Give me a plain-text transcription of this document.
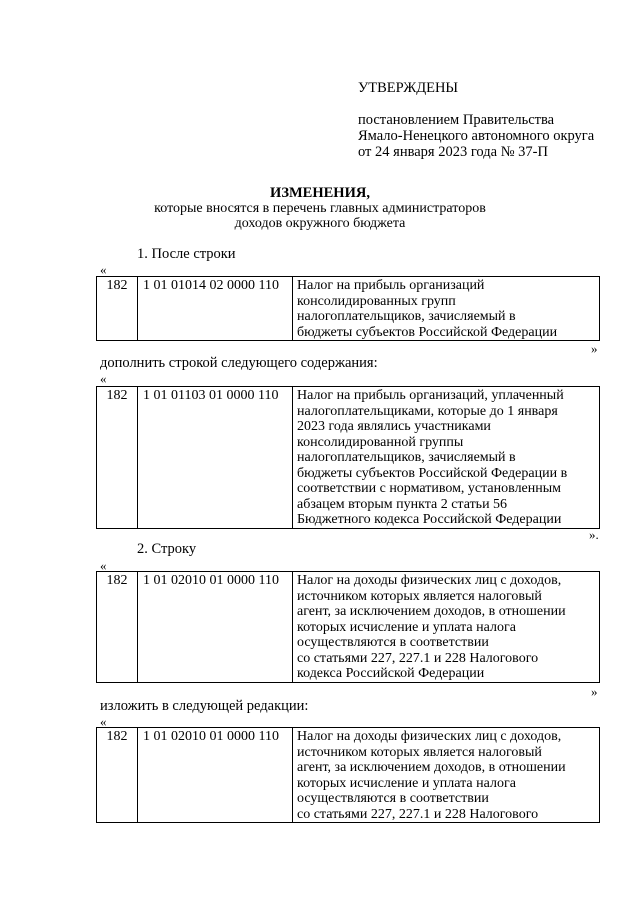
УТВЕРЖДЕНЫ
постановлением Правительства
Ямало-Ненецкого автономного округа
от 24 января 2023 года № 37-П
ИЗМЕНЕНИЯ,
которые вносятся в перечень главных администраторов
доходов окружного бюджета
1. После строки
«
182	1 01 01014 02 0000 110	Налог на прибыль организаций
консолидированных групп
налогоплательщиков, зачисляемый в
бюджеты субъектов Российской Федерации
»
дополнить строкой следующего содержания:
«
182	1 01 01103 01 0000 110	Налог на прибыль организаций, уплаченный
налогоплательщиками, которые до 1 января
2023 года являлись участниками
консолидированной группы
налогоплательщиков, зачисляемый в
бюджеты субъектов Российской Федерации в
соответствии с нормативом, установленным
абзацем вторым пункта 2 статьи 56
Бюджетного кодекса Российской Федерации
».
2. Строку
«
182	1 01 02010 01 0000 110	Налог на доходы физических лиц с доходов,
источником которых является налоговый
агент, за исключением доходов, в отношении
которых исчисление и уплата налога
осуществляются в соответствии
со статьями 227, 227.1 и 228 Налогового
кодекса Российской Федерации
»
изложить в следующей редакции:
«
182	1 01 02010 01 0000 110	Налог на доходы физических лиц с доходов,
источником которых является налоговый
агент, за исключением доходов, в отношении
которых исчисление и уплата налога
осуществляются в соответствии
со статьями 227, 227.1 и 228 Налогового
